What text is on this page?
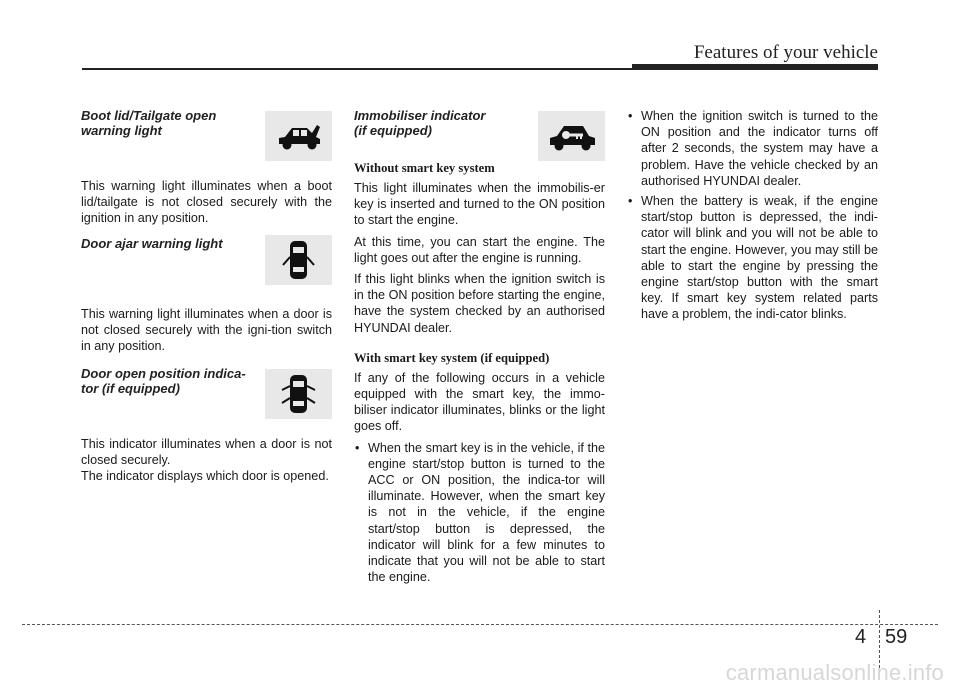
Features of your vehicle
Boot lid/Tailgate open
warning light

This warning light illuminates when a boot lid/tailgate is not closed securely with the ignition in any position.

Door ajar warning light

This warning light illuminates when a door is not closed securely with the igni-tion switch in any position.

Door open position indica-
tor (if equipped)

This indicator illuminates when a door is not closed securely.

The indicator displays which door is opened.

Immobiliser indicator
(if equipped)
Without smart key system

This light illuminates when the immobilis-er key is inserted and turned to the ON position to start the engine.

At this time, you can start the engine. The light goes out after the engine is running.

If this light blinks when the ignition switch is in the ON position before starting the engine, have the system checked by an authorised HYUNDAI dealer.

With smart key system (if equipped)

If any of the following occurs in a vehicle equipped with the smart key, the immo-biliser indicator illuminates, blinks or the light goes off.

• When the smart key is in the vehicle, if the engine start/stop button is turned to the ACC or ON position, the indica-tor will illuminate. However, when the smart key is not in the vehicle, if the engine start/stop button is depressed, the indicator will blink for a few minutes to indicate that you will not be able to start the engine.
• When the ignition switch is turned to the ON position and the indicator turns off after 2 seconds, the system may have a problem. Have the vehicle checked by an authorised HYUNDAI dealer.
• When the battery is weak, if the engine start/stop button is depressed, the indi-cator will blink and you will not be able to start the engine. However, you may still be able to start the engine by pressing the engine start/stop button with the smart key. If smart key system related parts have a problem, the indi-cator blinks.
4 59
carmanualsonline.info
